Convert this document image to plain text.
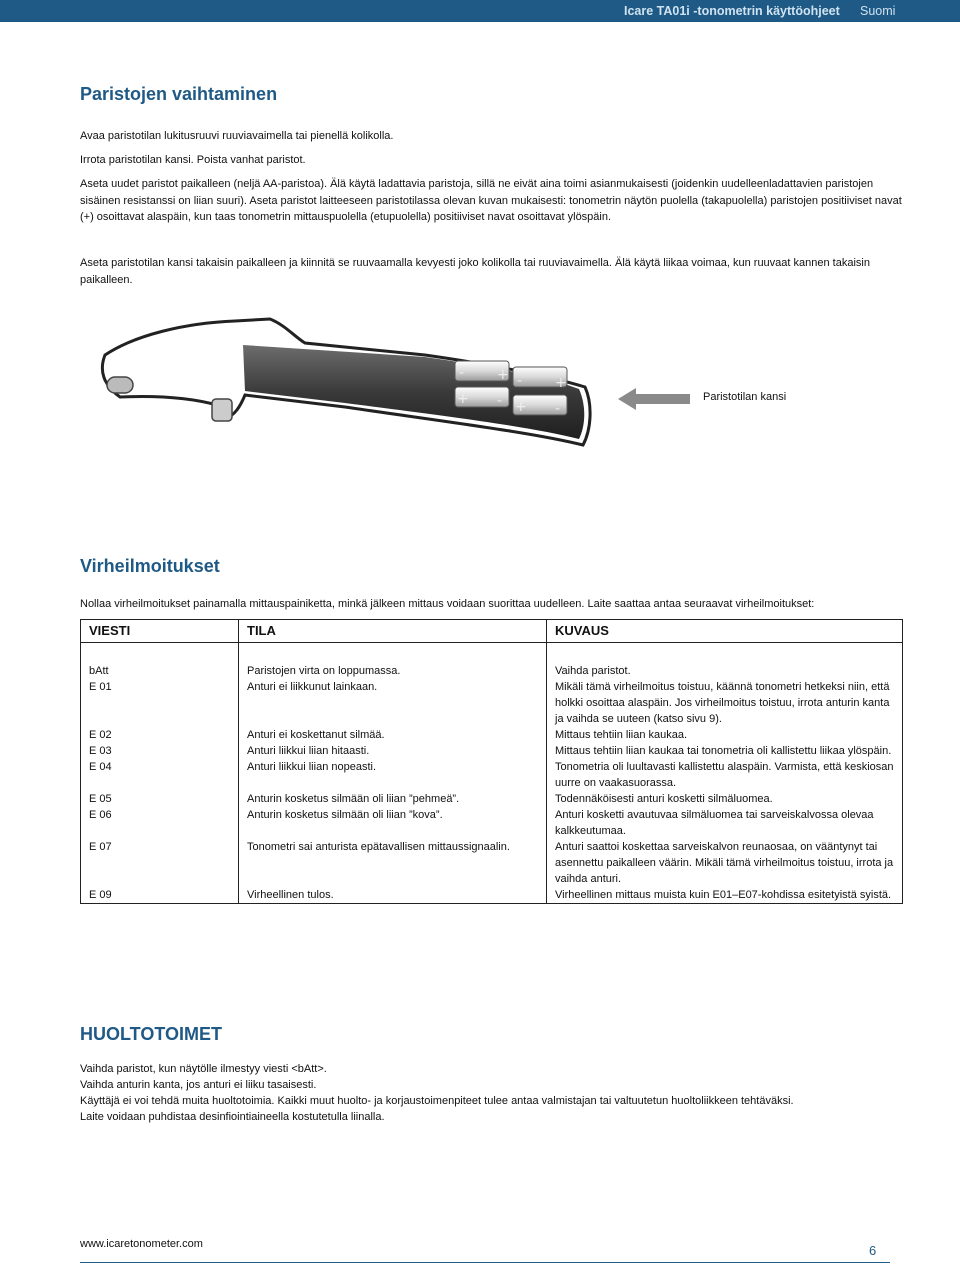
Icare TA01i -tonometrin käyttöohjeet Suomi
Paristojen vaihtaminen

Avaa paristotilan lukitusruuvi ruuviavaimella tai pienellä kolikolla.

Irrota paristotilan kansi. Poista vanhat paristot.

Aseta uudet paristot paikalleen (neljä AA-paristoa). Älä käytä ladattavia paristoja, sillä ne eivät aina toimi asianmukaisesti (joidenkin uudelleenladattavien paristojen sisäinen resistanssi on liian suuri). Aseta paristot laitteeseen paristotilassa olevan kuvan mukaisesti: tonometrin näytön puolella (takapuolella) paristojen positiiviset navat (+) osoittavat alaspäin, kun taas tonometrin mittauspuolella (etupuolella) positiiviset navat osoittavat ylöspäin.

Aseta paristotilan kansi takaisin paikalleen ja kiinnitä se ruuvaamalla kevyesti joko kolikolla tai ruuviavaimella. Älä käytä liikaa voimaa, kun ruuvaat kannen takaisin paikalleen.

- + - +
+ - + -
Paristotilan kansi
Virheilmoitukset

Nollaa virheilmoitukset painamalla mittauspainiketta, minkä jälkeen mittaus voidaan suorittaa uudelleen. Laite saattaa antaa seuraavat virheilmoitukset:

VIESTI	TILA	KUVAUS

bAtt	Paristojen virta on loppumassa.	Vaihda paristot.
E 01	Anturi ei liikkunut lainkaan.	Mikäli tämä virheilmoitus toistuu, käännä tonometri hetkeksi niin, että holkki osoittaa alaspäin. Jos virheilmoitus toistuu, irrota anturin kanta ja vaihda se uuteen (katso sivu 9).
E 02	Anturi ei koskettanut silmää.	Mittaus tehtiin liian kaukaa.
E 03	Anturi liikkui liian hitaasti.	Mittaus tehtiin liian kaukaa tai tonometria oli kallistettu liikaa ylöspäin.
E 04	Anturi liikkui liian nopeasti.	Tonometria oli luultavasti kallistettu alaspäin. Varmista, että keskiosan uurre on vaakasuorassa.
E 05	Anturin kosketus silmään oli liian ”pehmeä”.	Todennäköisesti anturi kosketti silmäluomea.
E 06	Anturin kosketus silmään oli liian ”kova”.	Anturi kosketti avautuvaa silmäluomea tai sarveiskalvossa olevaa kalkkeutumaa.
E 07	Tonometri sai anturista epätavallisen mittaussignaalin.	Anturi saattoi koskettaa sarveiskalvon reunaosaa, on vääntynyt tai asennettu paikalleen väärin. Mikäli tämä virheilmoitus toistuu, irrota ja vaihda anturi.
E 09	Virheellinen tulos.	Virheellinen mittaus muista kuin E01–E07-kohdissa esitetyistä syistä.
HUOLTOTOIMET
Vaihda paristot, kun näytölle ilmestyy viesti <bAtt>.
Vaihda anturin kanta, jos anturi ei liiku tasaisesti.
Käyttäjä ei voi tehdä muita huoltotoimia. Kaikki muut huolto- ja korjaustoimenpiteet tulee antaa valmistajan tai valtuutetun huoltoliikkeen tehtäväksi.
Laite voidaan puhdistaa desinfiointiaineella kostutetulla liinalla.
www.icaretonometer.com	6
